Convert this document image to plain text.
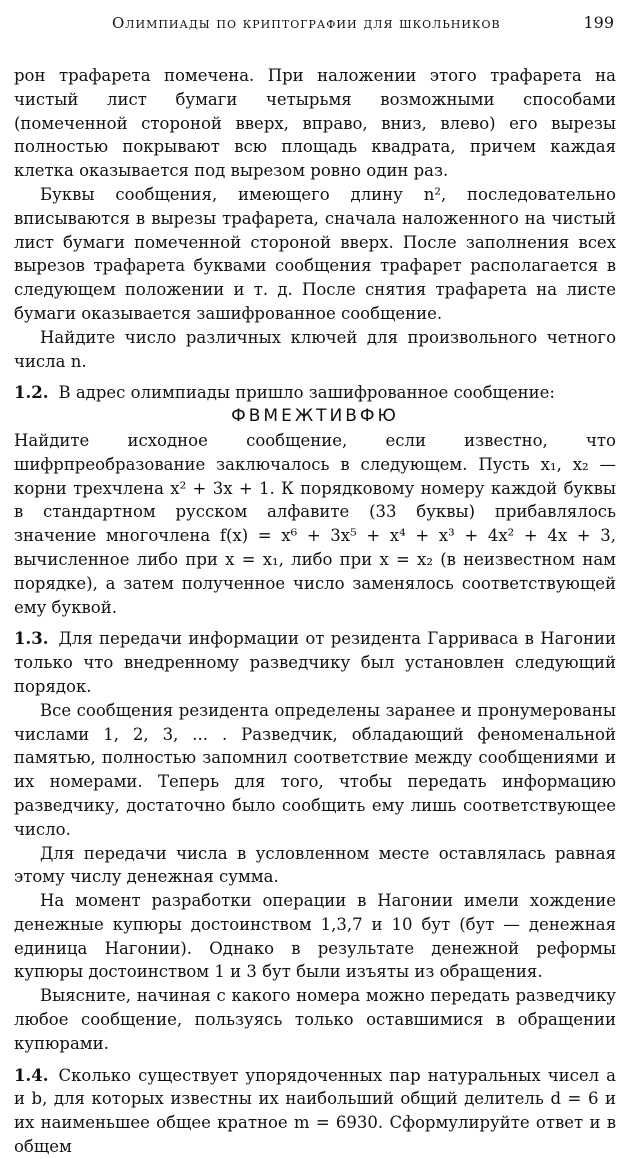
Олимпиады по криптографии для школьников	199

рон трафарета помечена. При наложении этого трафарета на чистый лист бумаги четырьмя возможными способами (помеченной стороной вверх, вправо, вниз, влево) его вырезы полностью покрывают всю площадь квадрата, причем каждая клетка оказывается под вырезом ровно один раз.

Буквы сообщения, имеющего длину n², последовательно вписываются в вырезы трафарета, сначала наложенного на чистый лист бумаги помеченной стороной вверх. После заполнения всех вырезов трафарета буквами сообщения трафарет располагается в следующем положении и т. д. После снятия трафарета на листе бумаги оказывается зашифрованное сообщение.

Найдите число различных ключей для произвольного четного числа n.

1.2. В адрес олимпиады пришло зашифрованное сообщение:

ФВМЕЖТИВФЮ

Найдите исходное сообщение, если известно, что шифрпреобразование заключалось в следующем. Пусть x₁, x₂ — корни трехчлена x² + 3x + 1. К порядковому номеру каждой буквы в стандартном русском алфавите (33 буквы) прибавлялось значение многочлена f(x) = x⁶ + 3x⁵ + x⁴ + x³ + 4x² + 4x + 3, вычисленное либо при x = x₁, либо при x = x₂ (в неизвестном нам порядке), а затем полученное число заменялось соответствующей ему буквой.

1.3. Для передачи информации от резидента Гарриваса в Нагонии только что внедренному разведчику был установлен следующий порядок.

Все сообщения резидента определены заранее и пронумерованы числами 1, 2, 3, ... . Разведчик, обладающий феноменальной памятью, полностью запомнил соответствие между сообщениями и их номерами. Теперь для того, чтобы передать информацию разведчику, достаточно было сообщить ему лишь соответствующее число.

Для передачи числа в условленном месте оставлялась равная этому числу денежная сумма.

На момент разработки операции в Нагонии имели хождение денежные купюры достоинством 1,3,7 и 10 бут (бут — денежная единица Нагонии). Однако в результате денежной реформы купюры достоинством 1 и 3 бут были изъяты из обращения.

Выясните, начиная с какого номера можно передать разведчику любое сообщение, пользуясь только оставшимися в обращении купюрами.

1.4. Сколько существует упорядоченных пар натуральных чисел a и b, для которых известны их наибольший общий делитель d = 6 и их наименьшее общее кратное m = 6930. Сформулируйте ответ и в общем
